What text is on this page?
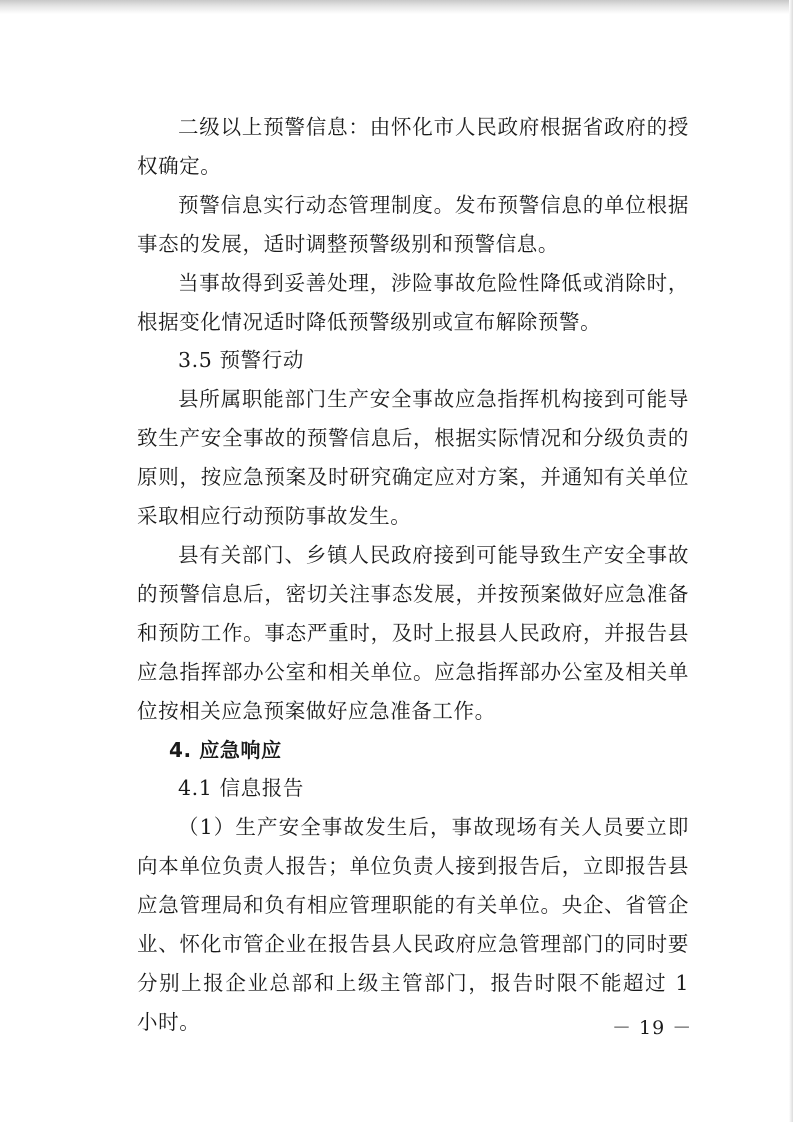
二级以上预警信息：由怀化市人民政府根据省政府的授权确定。

预警信息实行动态管理制度。发布预警信息的单位根据事态的发展，适时调整预警级别和预警信息。

当事故得到妥善处理，涉险事故危险性降低或消除时，根据变化情况适时降低预警级别或宣布解除预警。

3.5 预警行动

县所属职能部门生产安全事故应急指挥机构接到可能导致生产安全事故的预警信息后，根据实际情况和分级负责的原则，按应急预案及时研究确定应对方案，并通知有关单位采取相应行动预防事故发生。

县有关部门、乡镇人民政府接到可能导致生产安全事故的预警信息后，密切关注事态发展，并按预案做好应急准备和预防工作。事态严重时，及时上报县人民政府，并报告县应急指挥部办公室和相关单位。应急指挥部办公室及相关单位按相关应急预案做好应急准备工作。

4. 应急响应

4.1 信息报告

（1）生产安全事故发生后，事故现场有关人员要立即向本单位负责人报告；单位负责人接到报告后，立即报告县应急管理局和负有相应管理职能的有关单位。央企、省管企业、怀化市管企业在报告县人民政府应急管理部门的同时要分别上报企业总部和上级主管部门，报告时限不能超过 1 小时。	－ 19 －
